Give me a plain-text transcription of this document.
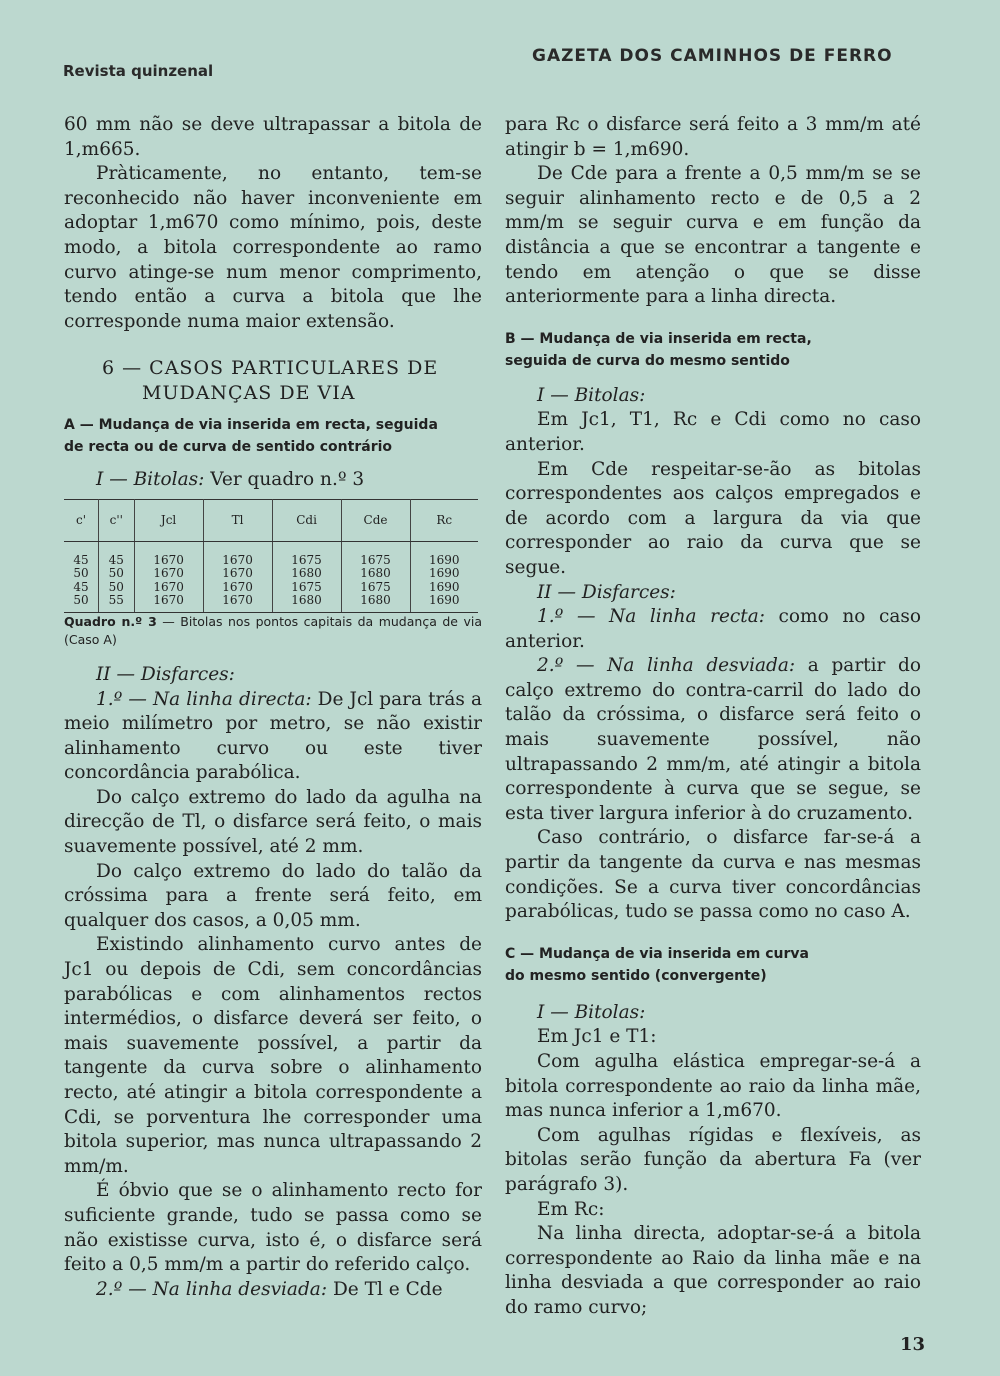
Revista quinzenal
GAZETA DOS CAMINHOS DE FERRO

60 mm não se deve ultrapassar a bitola de 1,m665.

Pràticamente, no entanto, tem-se reconhecido não haver inconveniente em adoptar 1,m670 como mínimo, pois, deste modo, a bitola correspondente ao ramo curvo atinge-se num menor comprimento, tendo então a curva a bitola que lhe corresponde numa maior extensão.

6 — CASOS PARTICULARES DE
MUDANÇAS DE VIA

A — Mudança de via inserida em recta, seguida
de recta ou de curva de sentido contrário

I — Bitolas: Ver quadro n.º 3

c'	c''	Jcl	Tl	Cdi	Cde	Rc
45	45	1670	1670	1675	1675	1690
50	50	1670	1670	1680	1680	1690
45	50	1670	1670	1675	1675	1690
50	55	1670	1670	1680	1680	1690

Quadro n.º 3 — Bitolas nos pontos capitais da mudança de via (Caso A)

II — Disfarces:

1.º — Na linha directa: De Jcl para trás a meio milímetro por metro, se não existir alinhamento curvo ou este tiver concordância parabólica.

Do calço extremo do lado da agulha na direcção de Tl, o disfarce será feito, o mais suavemente possível, até 2 mm.

Do calço extremo do lado do talão da cróssima para a frente será feito, em qualquer dos casos, a 0,05 mm.

Existindo alinhamento curvo antes de Jc1 ou depois de Cdi, sem concordâncias parabólicas e com alinhamentos rectos intermédios, o disfarce deverá ser feito, o mais suavemente possível, a partir da tangente da curva sobre o alinhamento recto, até atingir a bitola correspondente a Cdi, se porventura lhe corresponder uma bitola superior, mas nunca ultrapassando 2 mm/m.

É óbvio que se o alinhamento recto for suficiente grande, tudo se passa como se não existisse curva, isto é, o disfarce será feito a 0,5 mm/m a partir do referido calço.

2.º — Na linha desviada: De Tl e Cde

para Rc o disfarce será feito a 3 mm/m até atingir b = 1,m690.

De Cde para a frente a 0,5 mm/m se se seguir alinhamento recto e de 0,5 a 2 mm/m se seguir curva e em função da distância a que se encontrar a tangente e tendo em atenção o que se disse anteriormente para a linha directa.

B — Mudança de via inserida em recta,
seguida de curva do mesmo sentido

I — Bitolas:

Em Jc1, T1, Rc e Cdi como no caso anterior.

Em Cde respeitar-se-ão as bitolas correspondentes aos calços empregados e de acordo com a largura da via que corresponder ao raio da curva que se segue.

II — Disfarces:

1.º — Na linha recta: como no caso anterior.

2.º — Na linha desviada: a partir do calço extremo do contra-carril do lado do talão da cróssima, o disfarce será feito o mais suavemente possível, não ultrapassando 2 mm/m, até atingir a bitola correspondente à curva que se segue, se esta tiver largura inferior à do cruzamento.

Caso contrário, o disfarce far-se-á a partir da tangente da curva e nas mesmas condições. Se a curva tiver concordâncias parabólicas, tudo se passa como no caso A.

C — Mudança de via inserida em curva
do mesmo sentido (convergente)

I — Bitolas:

Em Jc1 e T1:

Com agulha elástica empregar-se-á a bitola correspondente ao raio da linha mãe, mas nunca inferior a 1,m670.

Com agulhas rígidas e flexíveis, as bitolas serão função da abertura Fa (ver parágrafo 3).

Em Rc:

Na linha directa, adoptar-se-á a bitola correspondente ao Raio da linha mãe e na linha desviada a que corresponder ao raio do ramo curvo;

13
